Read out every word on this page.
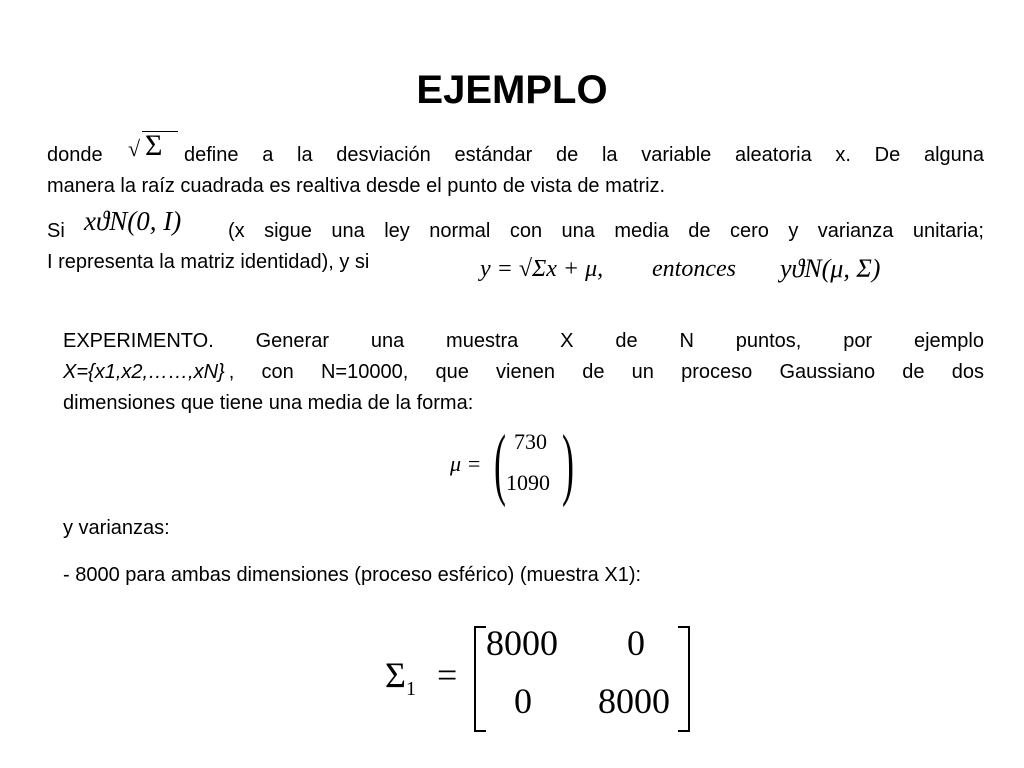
EJEMPLO
donde	√ Σ define a la desviación estándar de la variable aleatoria x. De alguna
manera la raíz cuadrada es realtiva desde el punto de vista de matriz.
Si xϑN(0, I) (x sigue una ley normal con una media de cero y varianza unitaria;
I representa la matriz identidad), y si	y = √Σx + μ, entonces yϑN(μ, Σ)
EXPERIMENTO. Generar una muestra X de N puntos, por ejemplo
X={x1,x2,……,xN} , con N=10000, que vienen de un proceso Gaussiano de dos
dimensiones que tiene una media de la forma:
μ = ( 730
1090 )
y varianzas:
- 8000 para ambas dimensiones (proceso esférico) (muestra X1):
$\Sigma_1$ =
8000 0
0 8000
